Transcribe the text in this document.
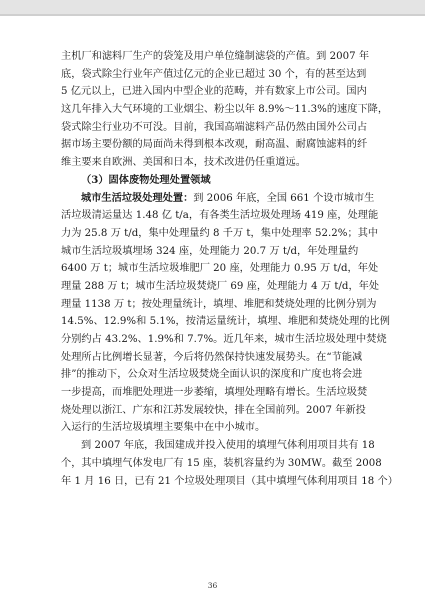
主机厂和滤料厂生产的袋笼及用户单位缝制滤袋的产值。到 2007 年
底，袋式除尘行业年产值过亿元的企业已超过 30 个，有的甚至达到
5 亿元以上，已进入国内中型企业的范畴，并有数家上市公司。国内
这几年排入大气环境的工业烟尘、粉尘以年 8.9%～11.3%的速度下降，
袋式除尘行业功不可没。目前，我国高端滤料产品仍然由国外公司占
据市场主要份额的局面尚未得到根本改观，耐高温、耐腐蚀滤料的纤
维主要来自欧洲、美国和日本，技术改进仍任重道远。
（3）固体废物处理处置领域
城市生活垃圾处理处置：到 2006 年底，全国 661 个设市城市生
活垃圾清运量达 1.48 亿 t/a，有各类生活垃圾处理场 419 座，处理能
力为 25.8 万 t/d，集中处理量约 8 千万 t，集中处理率 52.2%；其中
城市生活垃圾填埋场 324 座，处理能力 20.7 万 t/d，年处理量约
6400 万 t；城市生活垃圾堆肥厂 20 座，处理能力 0.95 万 t/d，年处
理量 288 万 t；城市生活垃圾焚烧厂 69 座，处理能力 4 万 t/d，年处
理量 1138 万 t；按处理量统计，填埋、堆肥和焚烧处理的比例分别为
14.5%、12.9%和 5.1%，按清运量统计，填埋、堆肥和焚烧处理的比例
分别约占 43.2%、1.9%和 7.7%。近几年来，城市生活垃圾处理中焚烧
处理所占比例增长显著，今后将仍然保持快速发展势头。在“节能减
排”的推动下，公众对生活垃圾焚烧全面认识的深度和广度也将会进
一步提高，而堆肥处理进一步萎缩，填埋处理略有增长。生活垃圾焚
烧处理以浙江、广东和江苏发展较快，排在全国前列。2007 年新投
入运行的生活垃圾填埋主要集中在中小城市。
到 2007 年底，我国建成并投入使用的填埋气体利用项目共有 18
个，其中填埋气体发电厂有 15 座，装机容量约为 30MW。截至 2008
年 1 月 16 日，已有 21 个垃圾处理项目（其中填埋气体利用项目 18 个）
36
